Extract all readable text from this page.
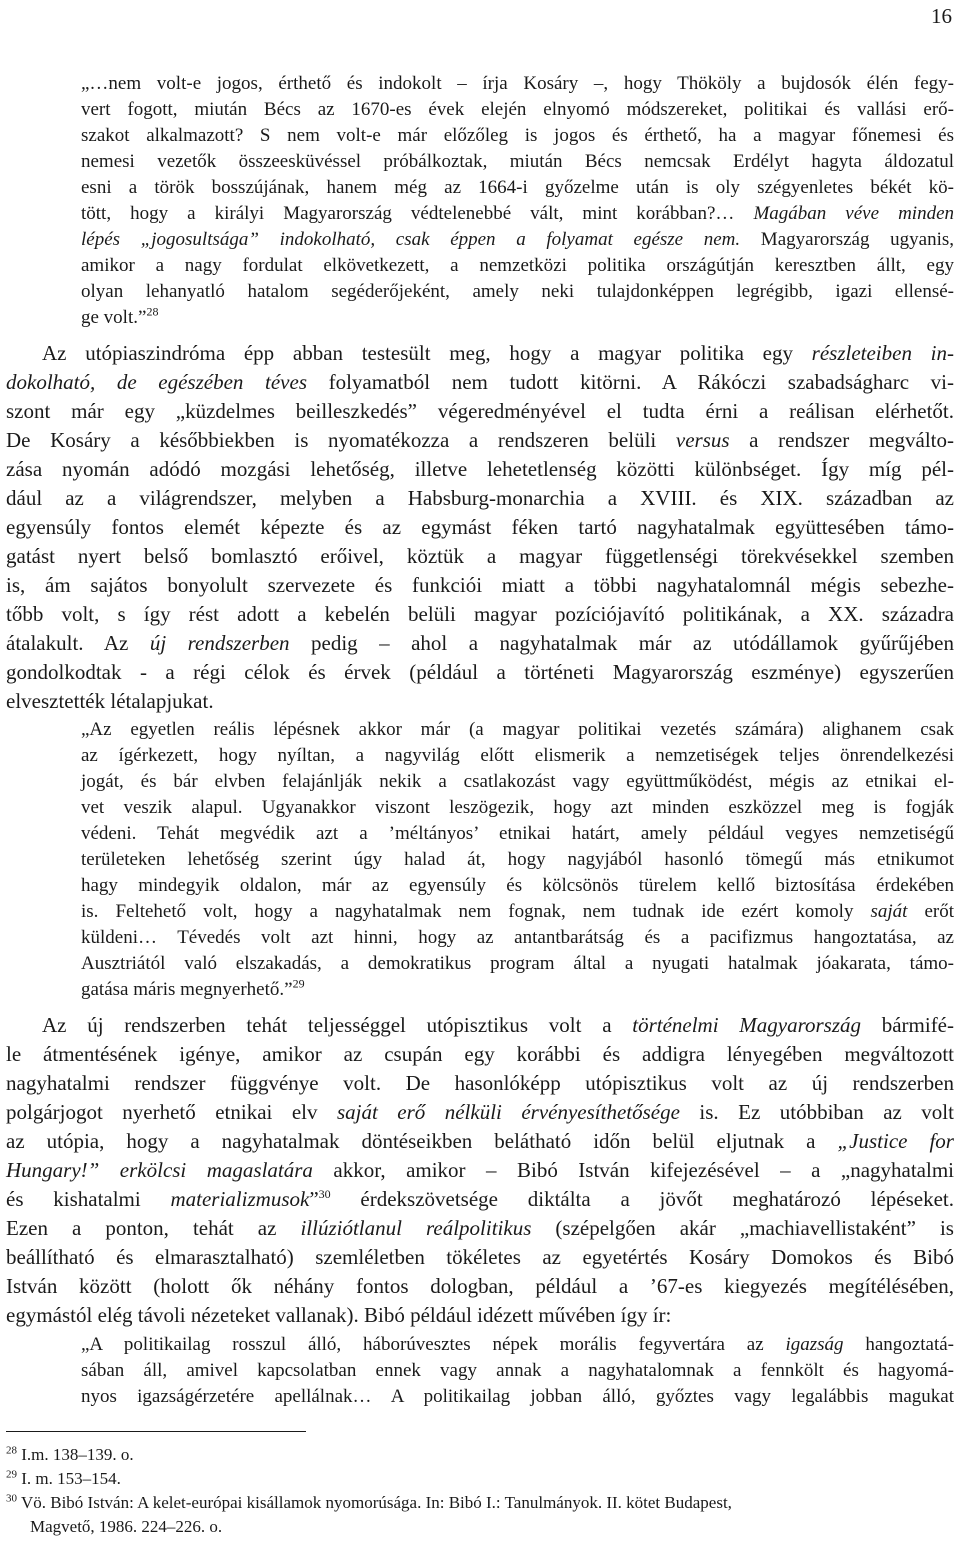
16
„…nem volt-e jogos, érthető és indokolt – írja Kosáry –, hogy Thököly a bujdosók élén fegy-
vert fogott, miután Bécs az 1670-es évek elején elnyomó módszereket, politikai és vallási erő-
szakot alkalmazott? S nem volt-e már előzőleg is jogos és érthető, ha a magyar főnemesi és
nemesi vezetők összeesküvéssel próbálkoztak, miután Bécs nemcsak Erdélyt hagyta áldozatul
esni a török bosszújának, hanem még az 1664-i győzelme után is oly szégyenletes békét kö-
tött, hogy a királyi Magyarország védtelenebbé vált, mint korábban?… Magában véve minden
lépés „jogosultsága” indokolható, csak éppen a folyamat egésze nem. Magyarország ugyanis,
amikor a nagy fordulat elkövetkezett, a nemzetközi politika országútján keresztben állt, egy
olyan lehanyatló hatalom segéderőjeként, amely neki tulajdonképpen legrégibb, igazi ellensé-
ge volt.”$^{28}$
Az utópiaszindróma épp abban testesült meg, hogy a magyar politika egy részleteiben in-
dokolható, de egészében téves folyamatból nem tudott kitörni. A Rákóczi szabadságharc vi-
szont már egy „küzdelmes beilleszkedés” végeredményével el tudta érni a reálisan elérhetőt.
De Kosáry a későbbiekben is nyomatékozza a rendszeren belüli versus a rendszer megválto-
zása nyomán adódó mozgási lehetőség, illetve lehetetlenség közötti különbséget. Így míg pél-
dául az a világrendszer, melyben a Habsburg-monarchia a XVIII. és XIX. században az
egyensúly fontos elemét képezte és az egymást féken tartó nagyhatalmak együttesében támo-
gatást nyert belső bomlasztó erőivel, köztük a magyar függetlenségi törekvésekkel szemben
is, ám sajátos bonyolult szervezete és funkciói miatt a többi nagyhatalomnál mégis sebezhe-
tőbb volt, s így rést adott a kebelén belüli magyar pozíciójavító politikának, a XX. századra
átalakult. Az új rendszerben pedig – ahol a nagyhatalmak már az utódállamok gyűrűjében
gondolkodtak - a régi célok és érvek (például a történeti Magyarország eszménye) egyszerűen
elvesztették létalapjukat.
„Az egyetlen reális lépésnek akkor már (a magyar politikai vezetés számára) alighanem csak
az ígérkezett, hogy nyíltan, a nagyvilág előtt elismerik a nemzetiségek teljes önrendelkezési
jogát, és bár elvben felajánlják nekik a csatlakozást vagy együttműködést, mégis az etnikai el-
vet veszik alapul. Ugyanakkor viszont leszögezik, hogy azt minden eszközzel meg is fogják
védeni. Tehát megvédik azt a ’méltányos’ etnikai határt, amely például vegyes nemzetiségű
területeken lehetőség szerint úgy halad át, hogy nagyjából hasonló tömegű más etnikumot
hagy mindegyik oldalon, már az egyensúly és kölcsönös türelem kellő biztosítása érdekében
is. Feltehető volt, hogy a nagyhatalmak nem fognak, nem tudnak ide ezért komoly saját erőt
küldeni… Tévedés volt azt hinni, hogy az antantbarátság és a pacifizmus hangoztatása, az
Ausztriától való elszakadás, a demokratikus program által a nyugati hatalmak jóakarata, támo-
gatása máris megnyerhető.”$^{29}$
Az új rendszerben tehát teljességgel utópisztikus volt a történelmi Magyarország bármifé-
le átmentésének igénye, amikor az csupán egy korábbi és addigra lényegében megváltozott
nagyhatalmi rendszer függvénye volt. De hasonlóképp utópisztikus volt az új rendszerben
polgárjogot nyerhető etnikai elv saját erő nélküli érvényesíthetősége is. Ez utóbbiban az volt
az utópia, hogy a nagyhatalmak döntéseikben belátható időn belül eljutnak a „Justice for
Hungary!” erkölcsi magaslatára akkor, amikor – Bibó István kifejezésével – a „nagyhatalmi
és kishatalmi materializmusok”$^{30}$ érdekszövetsége diktálta a jövőt meghatározó lépéseket.
Ezen a ponton, tehát az illúziótlanul reálpolitikus (szépelgően akár „machiavellistaként” is
beállítható és elmarasztalható) szemléletben tökéletes az egyetértés Kosáry Domokos és Bibó
István között (holott ők néhány fontos dologban, például a ’67-es kiegyezés megítélésében,
egymástól elég távoli nézeteket vallanak). Bibó például idézett művében így ír:
„A politikailag rosszul álló, háborúvesztes népek morális fegyvertára az igazság hangoztatá-
sában áll, amivel kapcsolatban ennek vagy annak a nagyhatalomnak a fennkölt és hagyomá-
nyos igazságérzetére apellálnak… A politikailag jobban álló, győztes vagy legalábbis magukat
$^{28}$ I.m. 138–139. o.
$^{29}$ I. m. 153–154.
$^{30}$ Vö. Bibó István: A kelet-európai kisállamok nyomorúsága. In: Bibó I.: Tanulmányok. II. kötet Budapest,
Magvető, 1986. 224–226. o.
